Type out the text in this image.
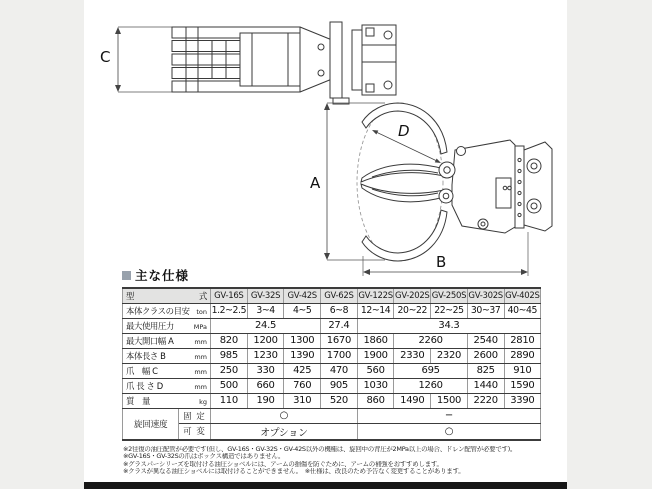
C
A
B
D
主な仕様
型 式		GV-16S	GV-32S	GV-42S	GV-62S	GV-122S	GV-202S	GV-250S	GV-302S	GV-402S

本体クラスの目安 ton		1.2~2.5	3~4	4~5	6~8	12~14	20~22	22~25	30~37	40~45

最大使用圧力 MPa		24.5			27.4	34.3				

最大開口幅 A mm		820	1200	1300	1670	1860	2260		2540	2810

本体長さ B mm		985	1230	1390	1700	1900	2330	2320	2600	2890

爪　幅 C mm		250	330	425	470	560	695		825	910

爪 長 さ D mm		500	660	760	905	1030	1260		1440	1590

質　量 kg		110	190	310	520	860	1490	1500	2220	3390
旋回速度	固 定	○				−				
	可 変	オプション				○				

※2往復の油圧配管が必要です(但し、GV-16S・GV-32S・GV-42S以外の機種は、旋回中の背圧が2MPa以上の場合、ドレン配管が必要です)。

※GV-16S・GV-32Sの爪はボックス構造ではありません。

※グラスパーシリーズを取付ける油圧ショベルには、アームの損傷を防ぐために、アームの補強をおすすめします。

※クラスが異なる油圧ショベルには取付けることができません。　※仕様は、改良のため予告なく変更することがあります。
